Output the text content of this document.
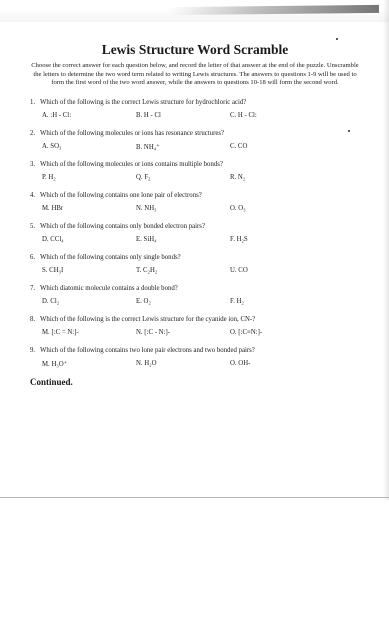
Lewis Structure Word Scramble

Choose the correct answer for each question below, and record the letter of that answer at the end of the puzzle. Unscramble the letters to determine the two word term related to writing Lewis structures. The answers to questions 1-9 will be used to form the first word of the two word answer, while the answers to questions 10-18 will form the second word.

1. Which of the following is the correct Lewis structure for hydrochloric acid?

A. :H - Cl:	B. H - Cl	C. H - Cl:

2. Which of the following molecules or ions has resonance structures?

A. SO₃	B. NH₄⁺	C. CO

3. Which of the following molecules or ions contains multiple bonds?

P. H₂	Q. F₂	R. N₂

4. Which of the following contains one lone pair of electrons?

M. HBr	N. NH₃	O. O₃

5. Which of the following contains only bonded electron pairs?

D. CCl₄	E. SiH₄	F. H₂S

6. Which of the following contains only single bonds?

S. CH₃I	T. C₂H₂	U. CO

7. Which diatomic molecule contains a double bond?

D. Cl₂	E. O₂	F. H₂

8. Which of the following is the correct Lewis structure for the cyanide ion, CN-?

M. [:C = N:]-	N. [:C - N:]-	O. [:C≡N:]-

9. Which of the following contains two lone pair electrons and two bonded pairs?

M. H₃O⁺	N. H₂O	O. OH-
Continued.
